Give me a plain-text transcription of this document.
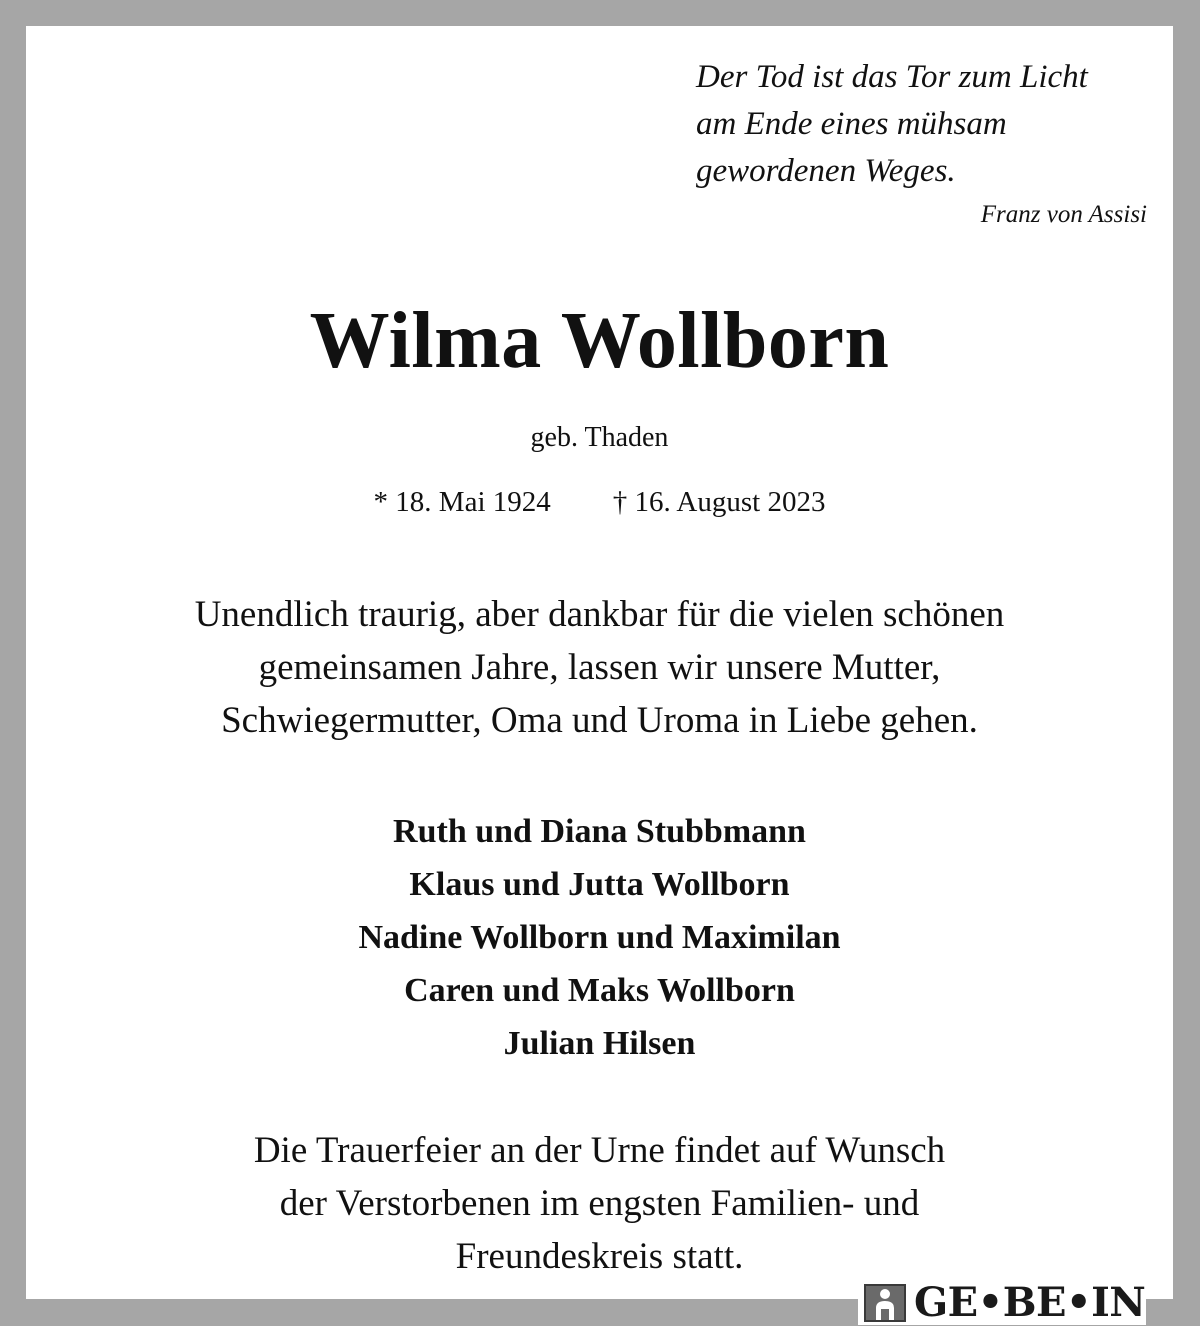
Der Tod ist das Tor zum Licht
am Ende eines mühsam
gewordenen Weges.
Franz von Assisi
Wilma Wollborn
geb. Thaden
* 18. Mai 1924 † 16. August 2023
Unendlich traurig, aber dankbar für die vielen schönen
gemeinsamen Jahre, lassen wir unsere Mutter,
Schwiegermutter, Oma und Uroma in Liebe gehen.
Ruth und Diana Stubbmann
Klaus und Jutta Wollborn
Nadine Wollborn und Maximilan
Caren und Maks Wollborn
Julian Hilsen
Die Trauerfeier an der Urne findet auf Wunsch
der Verstorbenen im engsten Familien- und
Freundeskreis statt.
GE•BE•IN
